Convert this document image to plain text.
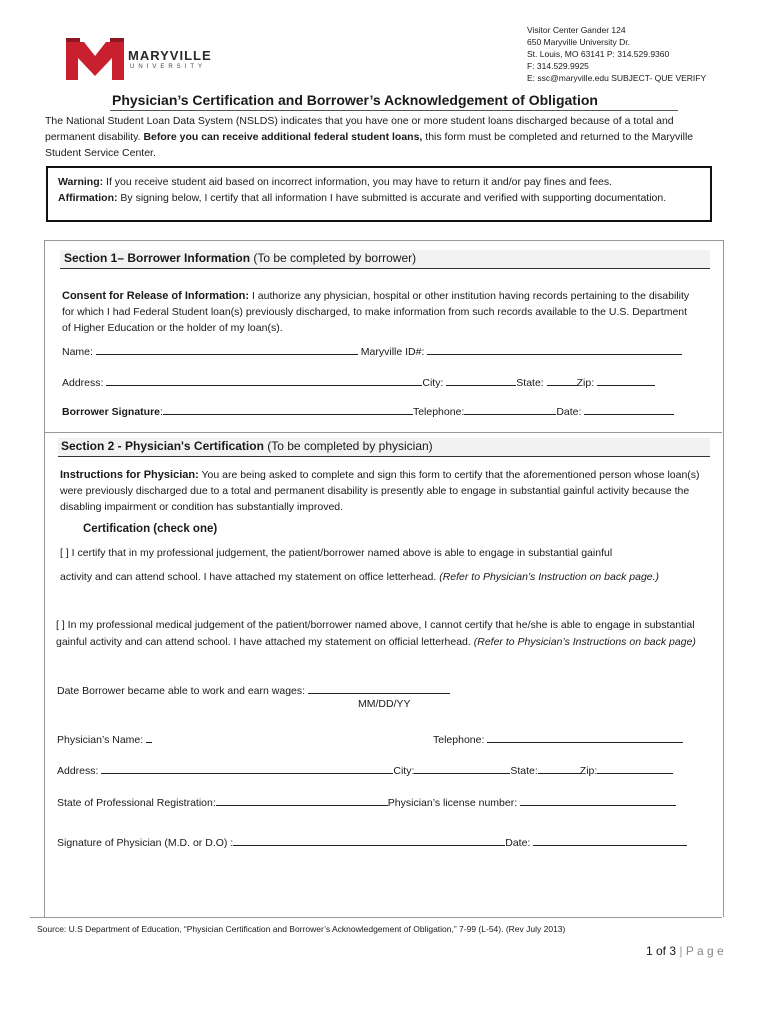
MARYVILLE
UNIVERSITY
Visitor Center Gander 124
650 Maryville University Dr.
St. Louis, MO 63141 P: 314.529.9360
F: 314.529.9925
E: ssc@maryville.edu SUBJECT- QUE VERIFY
Physician’s Certification and Borrower’s Acknowledgement of Obligation
The National Student Loan Data System (NSLDS) indicates that you have one or more student loans discharged because of a total and permanent disability. Before you can receive additional federal student loans, this form must be completed and returned to the Maryville Student Service Center.
Warning: If you receive student aid based on incorrect information, you may have to return it and/or pay fines and fees.
Affirmation: By signing below, I certify that all information I have submitted is accurate and verified with supporting documentation.
Section 1– Borrower Information (To be completed by borrower)
Consent for Release of Information: I authorize any physician, hospital or other institution having records pertaining to the disability for which I had Federal Student loan(s) previously discharged, to make information from such records available to the U.S. Department of Higher Education or the holder of my loan(s).
Name:	Maryville ID#:
Address:	City:	State:	Zip:
Borrower Signature:	Telephone:	Date:
Section 2 - Physician's Certification (To be completed by physician)
Instructions for Physician: You are being asked to complete and sign this form to certify that the aforementioned person whose loan(s) were previously discharged due to a total and permanent disability is presently able to engage in substantial gainful activity because the disabling impairment or condition has substantially improved.
Certification (check one)
[ ] I certify that in my professional judgement, the patient/borrower named above is able to engage in substantial gainful
activity and can attend school. I have attached my statement on office letterhead. (Refer to Physician’s Instruction on back page.)
[ ] In my professional medical judgement of the patient/borrower named above, I cannot certify that he/she is able to engage in substantial gainful activity and can attend school. I have attached my statement on official letterhead. (Refer to Physician’s Instructions on back page)
Date Borrower became able to work and earn wages:
MM/DD/YY
Physician’s Name:	Telephone:
Address:	City:	State:	Zip:
State of Professional Registration:	Physician’s license number:
Signature of Physician (M.D. or D.O) :	Date:
Source: U.S Department of Education, “Physician Certification and Borrower’s Acknowledgement of Obligation,” 7-99 (L-54). (Rev July 2013)
1 of 3 | P a g e
